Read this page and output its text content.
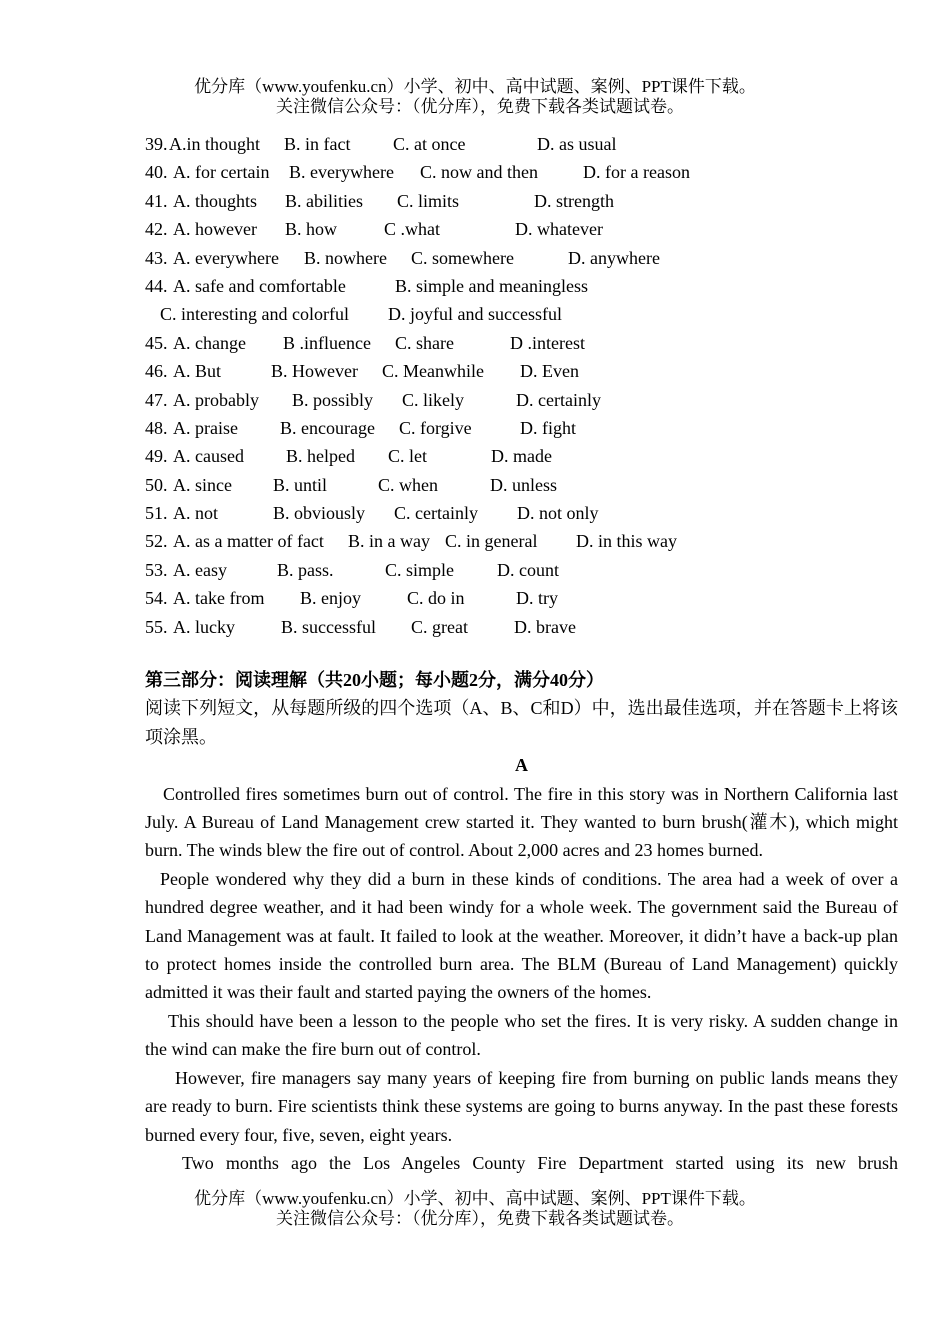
优分库（www.youfenku.cn）小学、初中、高中试题、案例、PPT课件下载。
关注微信公众号：（优分库），免费下载各类试题试卷。
39. A.in thought B. in fact C. at once	D. as usual
40. A. for certain B. everywhere C. now and then	D. for a reason
41. A. thoughts B. abilities C. limits	D. strength
42. A. however B. how	C .what	D. whatever
43. A. everywhere B. nowhere C. somewhere	D. anywhere
44. A. safe and comfortable	B. simple and meaningless
C. interesting and colorful D. joyful and successful
45. A. change B .influence C. share	D .interest
46. A. But	B. However C. Meanwhile D. Even
47. A. probably B. possibly C. likely	D. certainly
48. A. praise B. encourage C. forgive	D. fight
49. A. caused B. helped C. let	D. made
50. A. since B. until	C. when	D. unless
51. A. not	B. obviously C. certainly D. not only
52. A. as a matter of fact B. in a way C. in general D. in this way
53. A. easy	B. pass.	C. simple D. count
54. A. take from B. enjoy	C. do in	D. try
55. A. lucky	B. successful C. great	D. brave
第三部分：阅读理解（共20小题；每小题2分，满分40分）
阅读下列短文，从每题所级的四个选项（A、B、C和D）中，选出最佳选项，并在答题卡上将该项涂黑。
A
Controlled fires sometimes burn out of control. The fire in this story was in Northern California last July. A Bureau of Land Management crew started it. They wanted to burn brush(灌木), which might burn. The winds blew the fire out of control. About 2,000 acres and 23 homes burned.
People wondered why they did a burn in these kinds of conditions. The area had a week of over a hundred degree weather, and it had been windy for a whole week. The government said the Bureau of Land Management was at fault. It failed to look at the weather. Moreover, it didn’t have a back-up plan to protect homes inside the controlled burn area. The BLM (Bureau of Land Management) quickly admitted it was their fault and started paying the owners of the homes.
This should have been a lesson to the people who set the fires. It is very risky. A sudden change in the wind can make the fire burn out of control.
However, fire managers say many years of keeping fire from burning on public lands means they are ready to burn. Fire scientists think these systems are going to burns anyway. In the past these forests burned every four, five, seven, eight years.
Two months ago the Los Angeles County Fire Department started using its new brush
优分库（www.youfenku.cn）小学、初中、高中试题、案例、PPT课件下载。
关注微信公众号：（优分库），免费下载各类试题试卷。
